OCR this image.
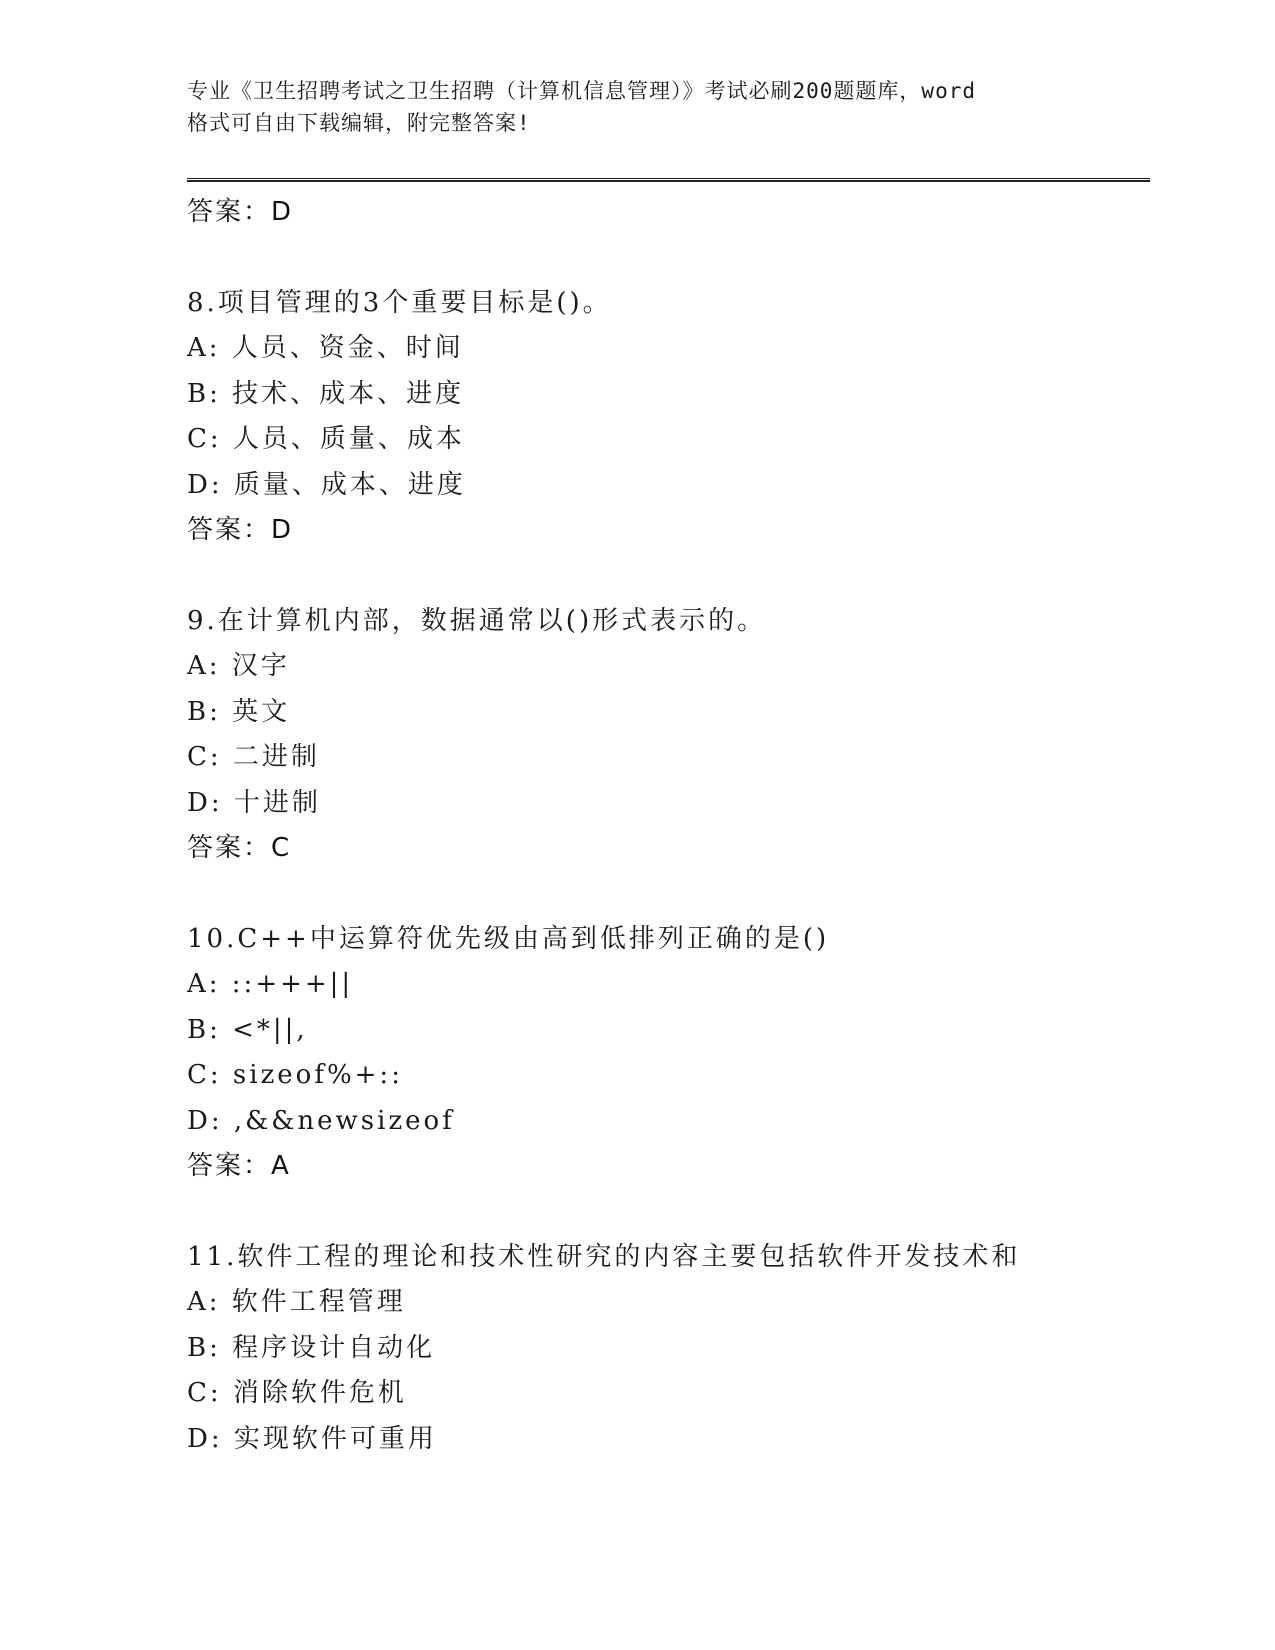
专业《卫生招聘考试之卫生招聘（计算机信息管理）》考试必刷200题题库，word
格式可自由下载编辑，附完整答案!
答案：D
8.项目管理的3个重要目标是()。
A: 人员、资金、时间
B: 技术、成本、进度
C: 人员、质量、成本
D: 质量、成本、进度
答案：D
9.在计算机内部，数据通常以()形式表示的。
A: 汉字
B: 英文
C: 二进制
D: 十进制
答案：C
10.C++中运算符优先级由高到低排列正确的是()
A: ::+++||
B: <*||,
C: sizeof%+::
D: ,&&newsizeof
答案：A
11.软件工程的理论和技术性研究的内容主要包括软件开发技术和
A: 软件工程管理
B: 程序设计自动化
C: 消除软件危机
D: 实现软件可重用
